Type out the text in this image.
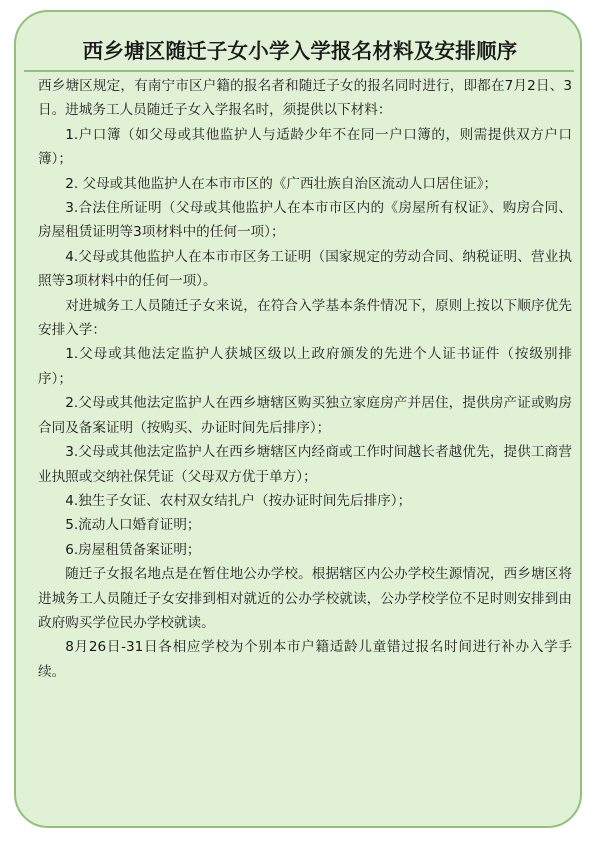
西乡塘区随迁子女小学入学报名材料及安排顺序

西乡塘区规定，有南宁市区户籍的报名者和随迁子女的报名同时进行，即都在7月2日、3日。进城务工人员随迁子女入学报名时，须提供以下材料：

1.户口簿（如父母或其他监护人与适龄少年不在同一户口簿的，则需提供双方户口簿）；

2. 父母或其他监护人在本市市区的《广西壮族自治区流动人口居住证》；

3.合法住所证明（父母或其他监护人在本市市区内的《房屋所有权证》、购房合同、房屋租赁证明等3项材料中的任何一项）；

4.父母或其他监护人在本市市区务工证明（国家规定的劳动合同、纳税证明、营业执照等3项材料中的任何一项）。

对进城务工人员随迁子女来说，在符合入学基本条件情况下，原则上按以下顺序优先安排入学：

1.父母或其他法定监护人获城区级以上政府颁发的先进个人证书证件（按级别排序）；

2.父母或其他法定监护人在西乡塘辖区购买独立家庭房产并居住，提供房产证或购房合同及备案证明（按购买、办证时间先后排序）；

3.父母或其他法定监护人在西乡塘辖区内经商或工作时间越长者越优先，提供工商营业执照或交纳社保凭证（父母双方优于单方）；

4.独生子女证、农村双女结扎户（按办证时间先后排序）；

5.流动人口婚育证明；

6.房屋租赁备案证明；

随迁子女报名地点是在暂住地公办学校。根据辖区内公办学校生源情况，西乡塘区将进城务工人员随迁子女安排到相对就近的公办学校就读，公办学校学位不足时则安排到由政府购买学位民办学校就读。

8月26日-31日各相应学校为个别本市户籍适龄儿童错过报名时间进行补办入学手续。
